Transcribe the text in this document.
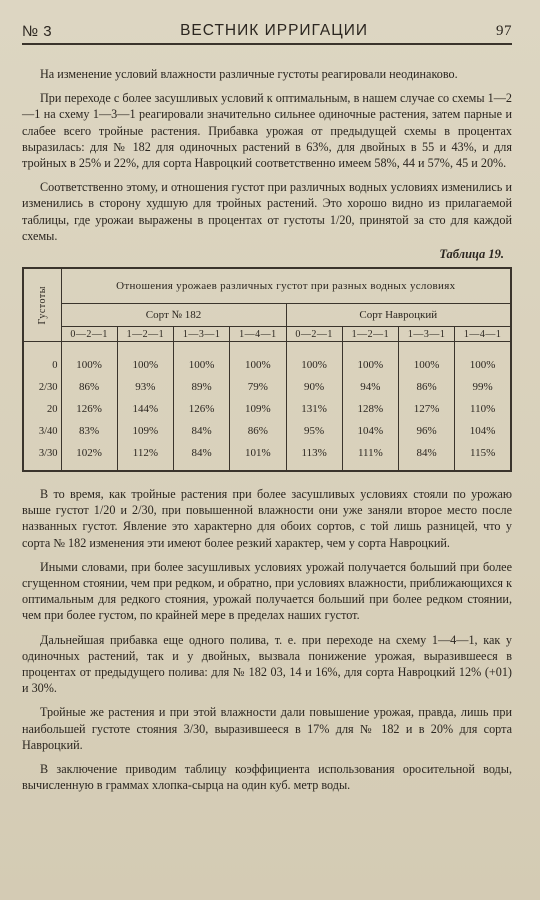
№ 3	ВЕСТНИК ИРРИГАЦИИ	97

На изменение условий влажности различные густоты реагировали неодинаково.

При переходе с более засушливых условий к оптимальным, в нашем случае со схемы 1—2—1 на схему 1—3—1 реагировали значительно сильнее одиночные растения, затем парные и слабее всего тройные растения. Прибавка урожая от предыдущей схемы в процентах выразилась: для № 182 для одиночных растений в 63%, для двойных в 55 и 43%, и для тройных в 25% и 22%, для сорта Навроцкий соответственно имеем 58%, 44 и 57%, 45 и 20%.

Соответственно этому, и отношения густот при различных водных условиях изменились и изменились в сторону худшую для тройных растений. Это хорошо видно из прилагаемой таблицы, где урожаи выражены в процентах от густоты 1/20, принятой за сто для каждой схемы.

Таблица 19.
Густоты	Отношения урожаев различных густот при разных водных условиях							
	Сорт № 182				Сорт Навроцкий			
	0—2—1	1—2—1	1—3—1	1—4—1	0—2—1	1—2—1	1—3—1	1—4—1
0	100%	100%	100%	100%	100%	100%	100%	100%
2/30	86%	93%	89%	79%	90%	94%	86%	99%
20	126%	144%	126%	109%	131%	128%	127%	110%
3/40	83%	109%	84%	86%	95%	104%	96%	104%
3/30	102%	112%	84%	101%	113%	111%	84%	115%

В то время, как тройные растения при более засушливых условиях стояли по урожаю выше густот 1/20 и 2/30, при повышенной влажности они уже заняли второе место после названных густот. Явление это характерно для обоих сортов, с той лишь разницей, что у сорта № 182 изменения эти имеют более резкий характер, чем у сорта Навроцкий.

Иными словами, при более засушливых условиях урожай получается больший при более сгущенном стоянии, чем при редком, и обратно, при условиях влажности, приближающихся к оптимальным для редкого стояния, урожай получается больший при более редком стоянии, чем при более густом, по крайней мере в пределах наших густот.

Дальнейшая прибавка еще одного полива, т. е. при переходе на схему 1—4—1, как у одиночных растений, так и у двойных, вызвала понижение урожая, выразившееся в процентах от предыдущего полива: для № 182 03, 14 и 16%, для сорта Навроцкий 12% (+01) и 30%.

Тройные же растения и при этой влажности дали повышение урожая, правда, лишь при наибольшей густоте стояния 3/30, выразившееся в 17% для № 182 и в 20% для сорта Навроцкий.

В заключение приводим таблицу коэффициента использования оросительной воды, вычисленную в граммах хлопка-сырца на один куб. метр воды.
